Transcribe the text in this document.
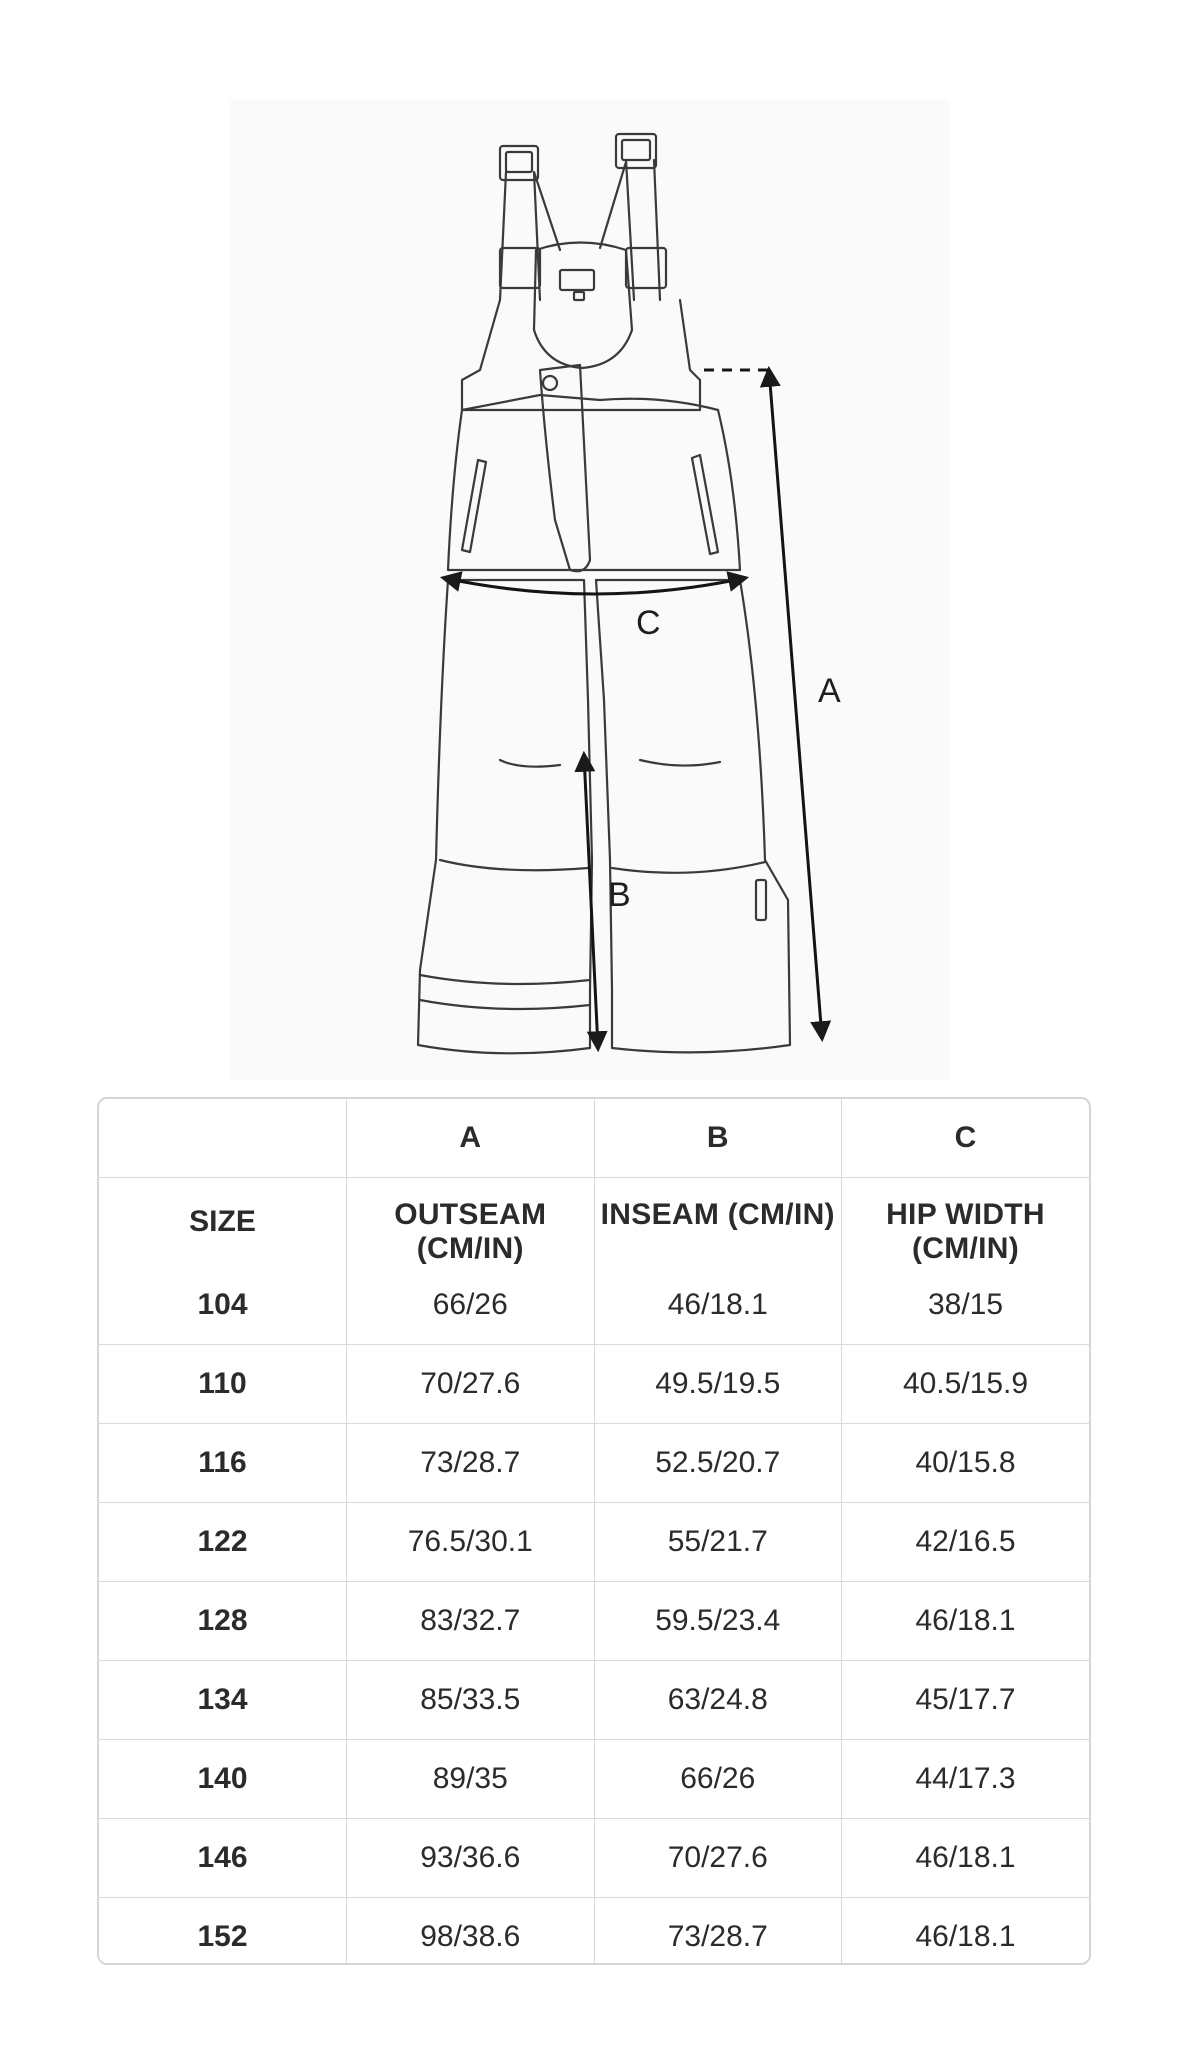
C
B
A
	A	B	C
SIZE	OUTSEAM (CM/IN)	INSEAM (CM/IN)	HIP WIDTH (CM/IN)
104	66/26	46/18.1	38/15
110	70/27.6	49.5/19.5	40.5/15.9
116	73/28.7	52.5/20.7	40/15.8
122	76.5/30.1	55/21.7	42/16.5
128	83/32.7	59.5/23.4	46/18.1
134	85/33.5	63/24.8	45/17.7
140	89/35	66/26	44/17.3
146	93/36.6	70/27.6	46/18.1
152	98/38.6	73/28.7	46/18.1
